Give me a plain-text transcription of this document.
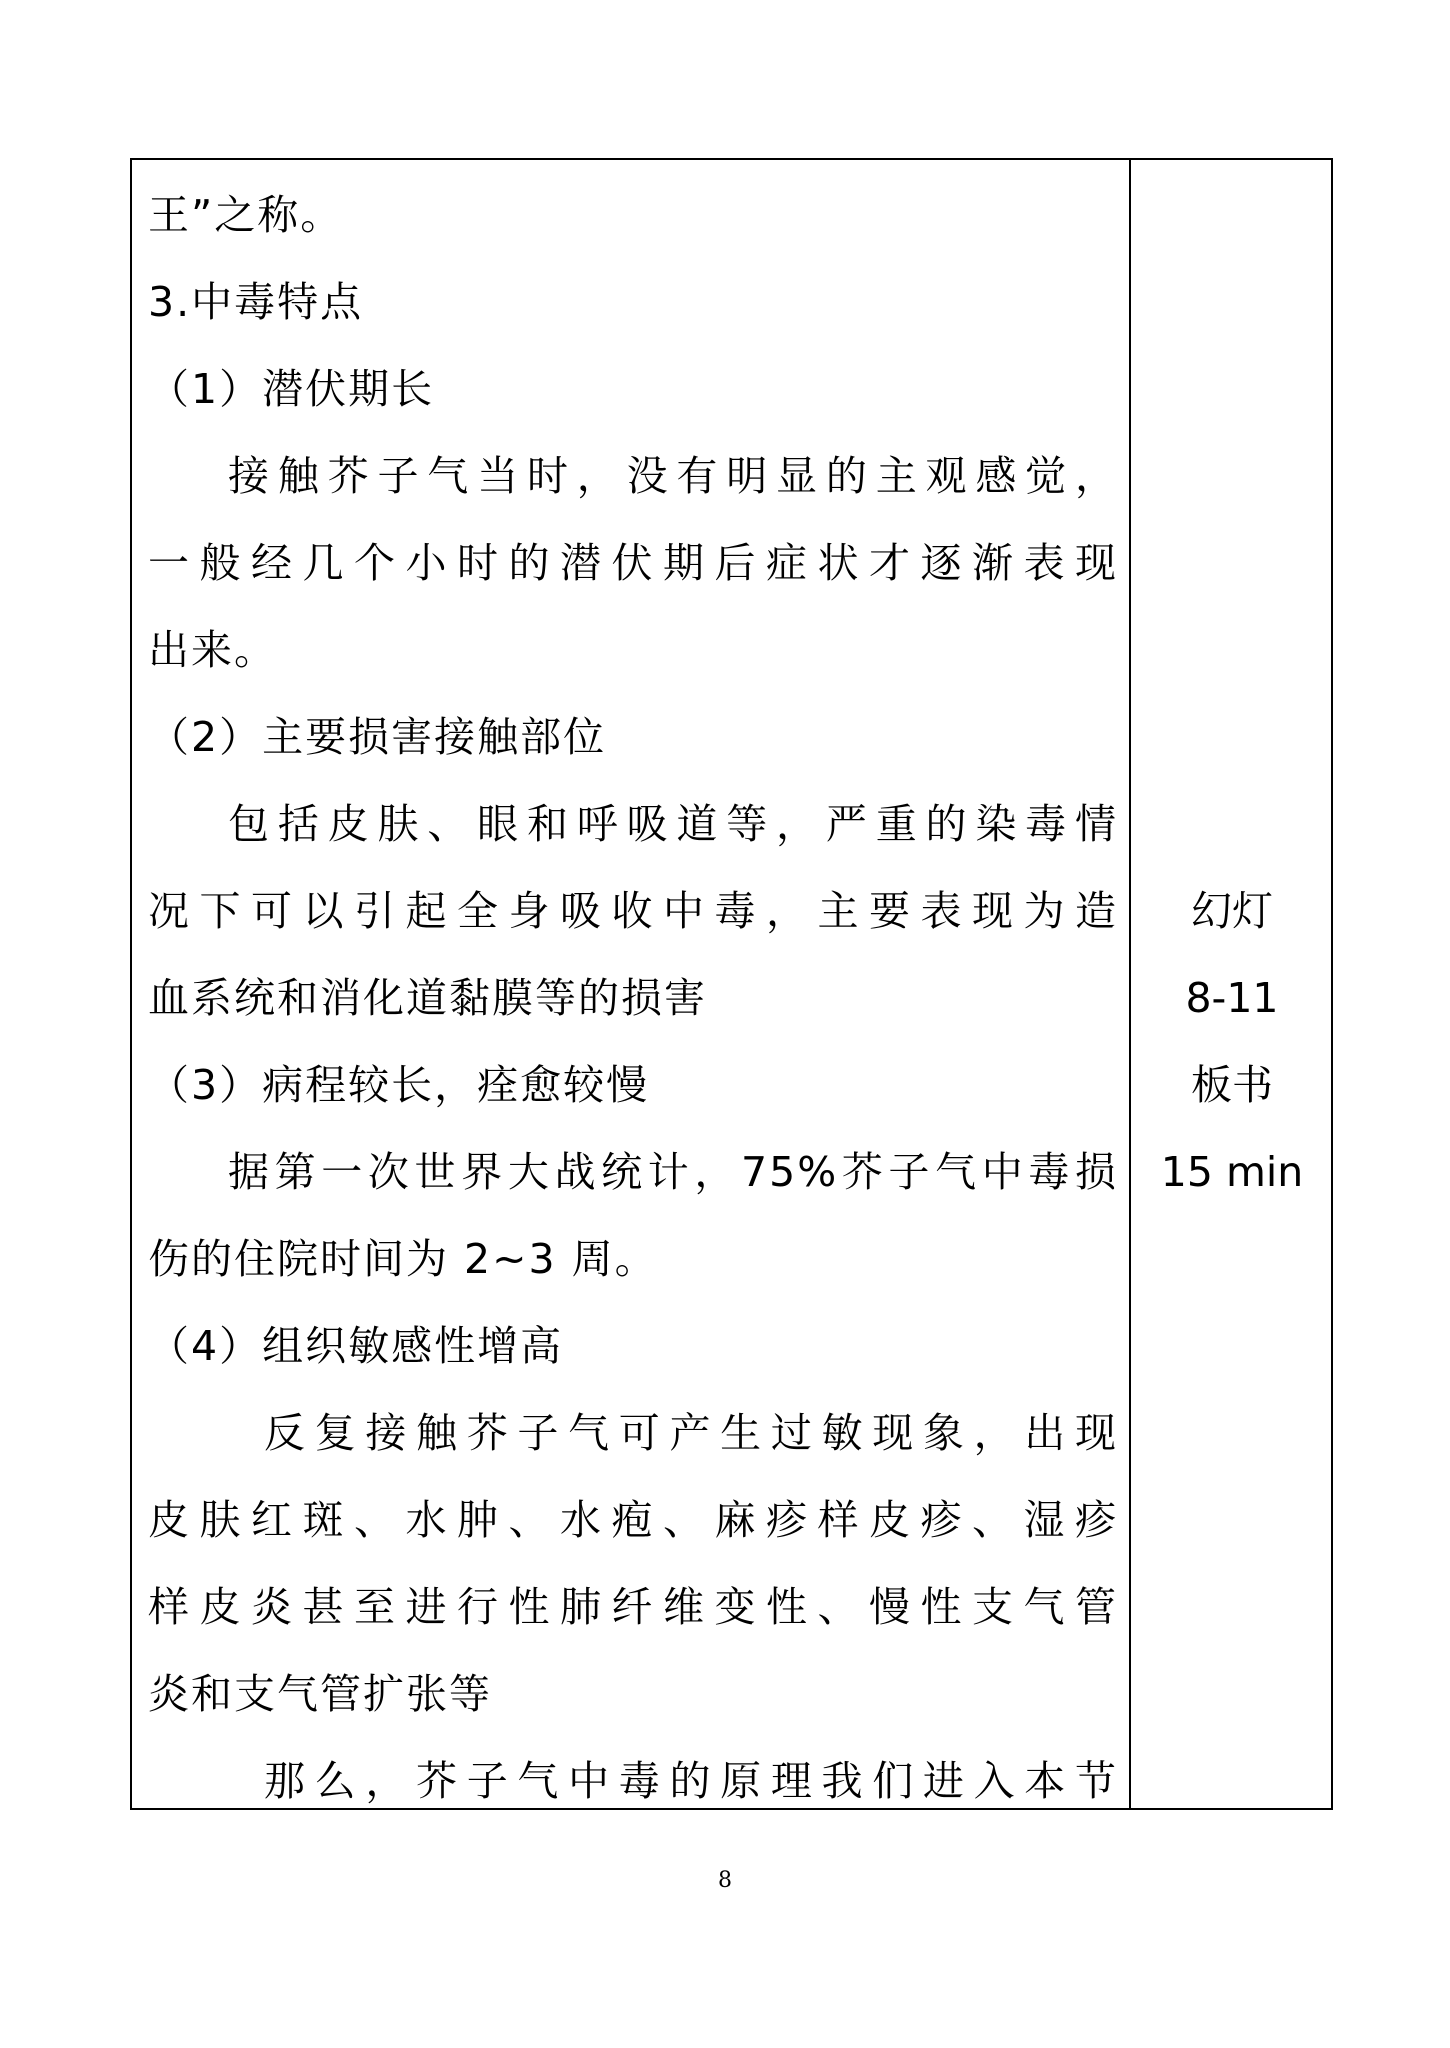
王”之称。
3.中毒特点
（1）潜伏期长
接触芥子气当时，没有明显的主观感觉，
一般经几个小时的潜伏期后症状才逐渐表现
出来。
（2）主要损害接触部位
包括皮肤、眼和呼吸道等，严重的染毒情
况下可以引起全身吸收中毒，主要表现为造
血系统和消化道黏膜等的损害
（3）病程较长，痊愈较慢
据第一次世界大战统计，75%芥子气中毒损
伤的住院时间为 2~3 周。
（4）组织敏感性增高
反复接触芥子气可产生过敏现象，出现
皮肤红斑、水肿、水疱、麻疹样皮疹、湿疹
样皮炎甚至进行性肺纤维变性、慢性支气管
炎和支气管扩张等
那么，芥子气中毒的原理我们进入本节
幻灯
8-11
板书
15 min
8
